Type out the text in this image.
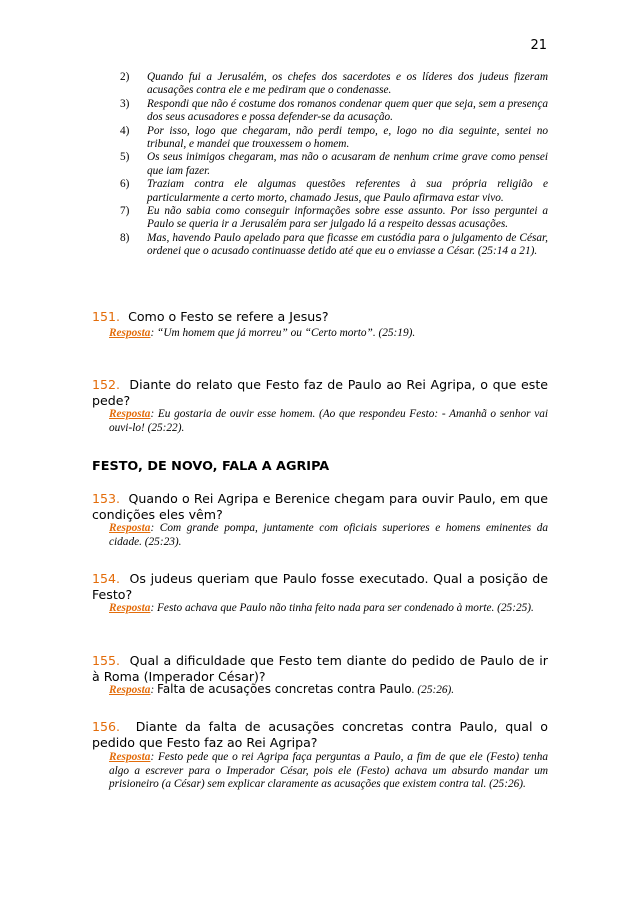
21
2) Quando fui a Jerusalém, os chefes dos sacerdotes e os líderes dos judeus fizeram acusações contra ele e me pediram que o condenasse.
3) Respondi que não é costume dos romanos condenar quem quer que seja, sem a presença dos seus acusadores e possa defender-se da acusação.
4) Por isso, logo que chegaram, não perdi tempo, e, logo no dia seguinte, sentei no tribunal, e mandei que trouxessem o homem.
5) Os seus inimigos chegaram, mas não o acusaram de nenhum crime grave como pensei que iam fazer.
6) Traziam contra ele algumas questões referentes à sua própria religião e particularmente a certo morto, chamado Jesus, que Paulo afirmava estar vivo.
7) Eu não sabia como conseguir informações sobre esse assunto. Por isso perguntei a Paulo se queria ir a Jerusalém para ser julgado lá a respeito dessas acusações.
8) Mas, havendo Paulo apelado para que ficasse em custódia para o julgamento de César, ordenei que o acusado continuasse detido até que eu o enviasse a César. (25:14 a 21).
151. Como o Festo se refere a Jesus?
Resposta: “Um homem que já morreu” ou “Certo morto”. (25:19).
152. Diante do relato que Festo faz de Paulo ao Rei Agripa, o que este pede?
Resposta: Eu gostaria de ouvir esse homem. (Ao que respondeu Festo: - Amanhã o senhor vai ouvi-lo! (25:22).
FESTO, DE NOVO, FALA A AGRIPA
153. Quando o Rei Agripa e Berenice chegam para ouvir Paulo, em que condições eles vêm?
Resposta: Com grande pompa, juntamente com oficiais superiores e homens eminentes da cidade. (25:23).
154. Os judeus queriam que Paulo fosse executado. Qual a posição de Festo?
Resposta: Festo achava que Paulo não tinha feito nada para ser condenado à morte. (25:25).
155. Qual a dificuldade que Festo tem diante do pedido de Paulo de ir à Roma (Imperador César)?
Resposta: Falta de acusações concretas contra Paulo. (25:26).
156. Diante da falta de acusações concretas contra Paulo, qual o pedido que Festo faz ao Rei Agripa?
Resposta: Festo pede que o rei Agripa faça perguntas a Paulo, a fim de que ele (Festo) tenha algo a escrever para o Imperador César, pois ele (Festo) achava um absurdo mandar um prisioneiro (a César) sem explicar claramente as acusações que existem contra tal. (25:26).
